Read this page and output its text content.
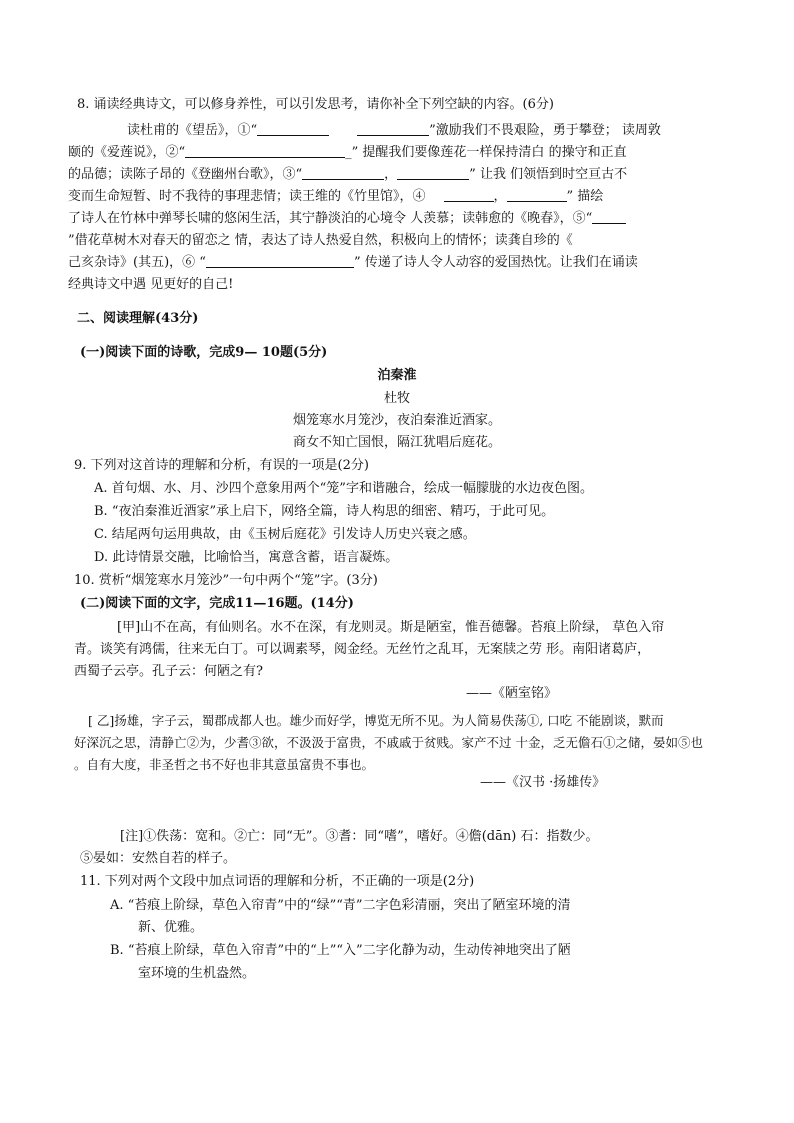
8. 诵读经典诗文，可以修身养性，可以引发思考，请你补全下列空缺的内容。(6分)
读杜甫的《望岳》，①“	”激励我们不畏艰险，勇于攀登； 读周敦
颐的《爱莲说》，②“	_” 提醒我们要像莲花一样保持清白 的操守和正直
的品德；读陈子昂的《登幽州台歌》，③“	，	” 让我 们领悟到时空亘古不
变而生命短暂、时不我待的事理悲情；读王维的《竹里馆》，④	，	” 描绘
了诗人在竹林中弹琴长啸的悠闲生活，其宁静淡泊的心境令 人羡慕；读韩愈的《晚春》，⑤“
”借花草树木对春天的留恋之 情，表达了诗人热爱自然，积极向上的情怀；读龚自珍的《
己亥杂诗》(其五)，⑥ “	” 传递了诗人令人动容的爱国热忱。让我们在诵读
经典诗文中遇 见更好的自己!
二、阅读理解(43分)
(一)阅读下面的诗歌，完成9— 10题(5分)
泊秦淮
杜牧
烟笼寒水月笼沙，夜泊秦淮近酒家。
商女不知亡国恨，隔江犹唱后庭花。
9. 下列对这首诗的理解和分析，有误的一项是(2分)
A. 首句烟、水、月、沙四个意象用两个“笼”字和谐融合，绘成一幅朦胧的水边夜色图。
B. “夜泊秦淮近酒家”承上启下，网络全篇，诗人构思的细密、精巧，于此可见。
C. 结尾两句运用典故，由《玉树后庭花》引发诗人历史兴衰之感。
D. 此诗情景交融，比喻恰当，寓意含蓄，语言凝炼。
10. 赏析“烟笼寒水月笼沙”一句中两个“笼”字。(3分)
(二)阅读下面的文字，完成11—16题。(14分)
[甲]山不在高，有仙则名。水不在深，有龙则灵。斯是陋室，惟吾德馨。苔痕上阶绿， 草色入帘
青。谈笑有鸿儒，往来无白丁。可以调素琴，阅金经。无丝竹之乱耳，无案牍之劳 形。南阳诸葛庐，
西蜀子云亭。孔子云：何陋之有?
——《陋室铭》
[ 乙]扬雄，字子云，蜀郡成都人也。雄少而好学，博览无所不见。为人简易佚荡①, 口吃 不能剧谈，默而
好深沉之思，清静亡②为，少耆③欲，不汲汲于富贵，不戚戚于贫贱。家产不过 十金，乏无儋石①之储，晏如⑤也
。自有大度，非圣哲之书不好也非其意虽富贵不事也。
——《汉书 ·扬雄传》
[注]①佚荡：宽和。②亡：同“无”。③耆：同“嗜”，嗜好。④儋(dān) 石：指数少。
⑤晏如：安然自若的样子。
11. 下列对两个文段中加点词语的理解和分析，不正确的一项是(2分)
A. “苔痕上阶绿，草色入帘青”中的“绿”“青”二字色彩清丽，突出了陋室环境的清
新、优雅。
B. “苔痕上阶绿，草色入帘青”中的“上”“入”二字化静为动，生动传神地突出了陋
室环境的生机盎然。
